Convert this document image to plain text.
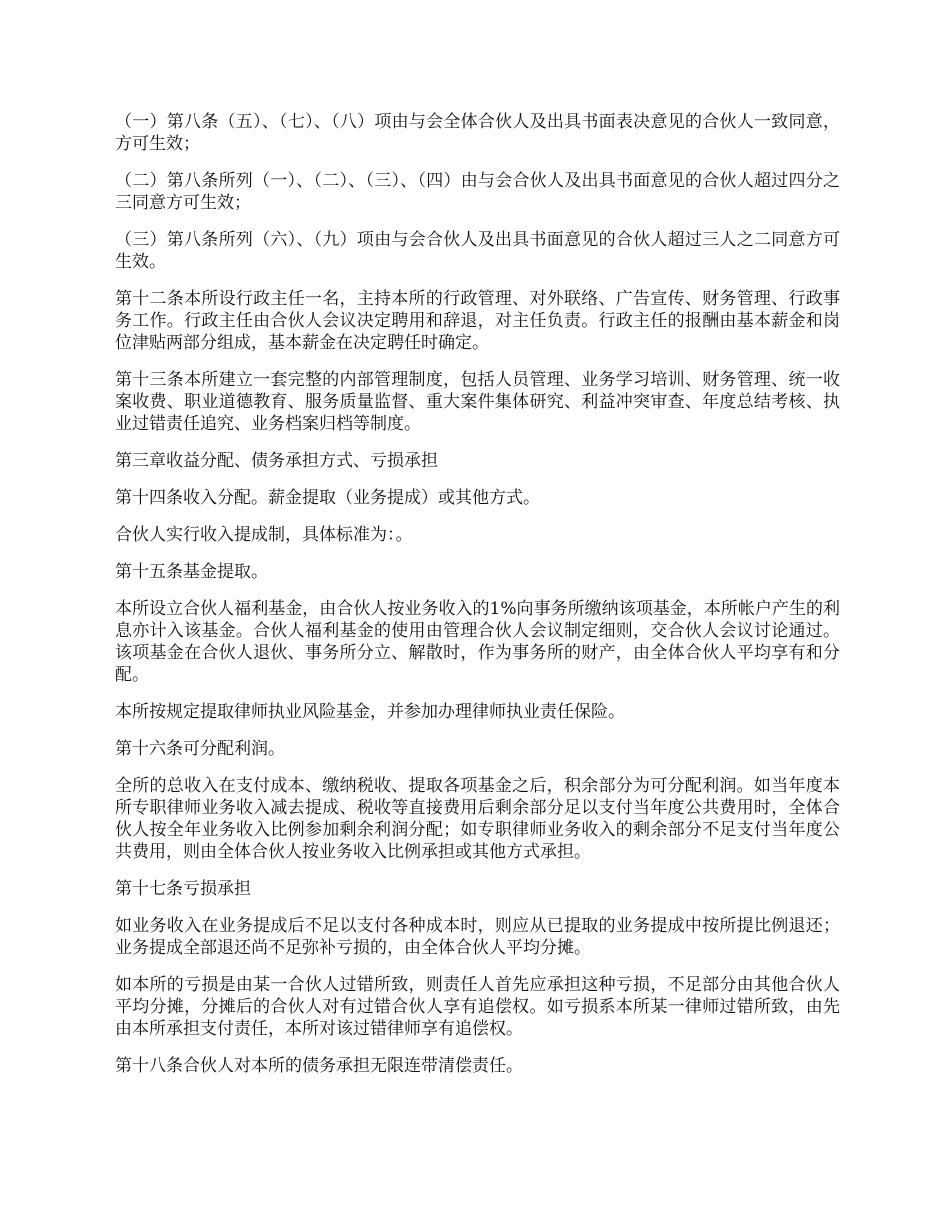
（一）第八条（五）、（七）、（八）项由与会全体合伙人及出具书面表决意见的合伙人一致同意，方可生效；

（二）第八条所列（一）、（二）、（三）、（四）由与会合伙人及出具书面意见的合伙人超过四分之三同意方可生效；

（三）第八条所列（六）、（九）项由与会合伙人及出具书面意见的合伙人超过三人之二同意方可生效。

第十二条本所设行政主任一名，主持本所的行政管理、对外联络、广告宣传、财务管理、行政事务工作。行政主任由合伙人会议决定聘用和辞退，对主任负责。行政主任的报酬由基本薪金和岗位津贴两部分组成，基本薪金在决定聘任时确定。

第十三条本所建立一套完整的内部管理制度，包括人员管理、业务学习培训、财务管理、统一收案收费、职业道德教育、服务质量监督、重大案件集体研究、利益冲突审查、年度总结考核、执业过错责任追究、业务档案归档等制度。

第三章收益分配、债务承担方式、亏损承担

第十四条收入分配。薪金提取（业务提成）或其他方式。

合伙人实行收入提成制，具体标准为：。

第十五条基金提取。

本所设立合伙人福利基金，由合伙人按业务收入的1%向事务所缴纳该项基金，本所帐户产生的利息亦计入该基金。合伙人福利基金的使用由管理合伙人会议制定细则，交合伙人会议讨论通过。该项基金在合伙人退伙、事务所分立、解散时，作为事务所的财产，由全体合伙人平均享有和分配。

本所按规定提取律师执业风险基金，并参加办理律师执业责任保险。

第十六条可分配利润。

全所的总收入在支付成本、缴纳税收、提取各项基金之后，积余部分为可分配利润。如当年度本所专职律师业务收入减去提成、税收等直接费用后剩余部分足以支付当年度公共费用时，全体合伙人按全年业务收入比例参加剩余利润分配；如专职律师业务收入的剩余部分不足支付当年度公共费用，则由全体合伙人按业务收入比例承担或其他方式承担。

第十七条亏损承担

如业务收入在业务提成后不足以支付各种成本时，则应从已提取的业务提成中按所提比例退还；业务提成全部退还尚不足弥补亏损的，由全体合伙人平均分摊。

如本所的亏损是由某一合伙人过错所致，则责任人首先应承担这种亏损，不足部分由其他合伙人平均分摊，分摊后的合伙人对有过错合伙人享有追偿权。如亏损系本所某一律师过错所致，由先由本所承担支付责任，本所对该过错律师享有追偿权。

第十八条合伙人对本所的债务承担无限连带清偿责任。
